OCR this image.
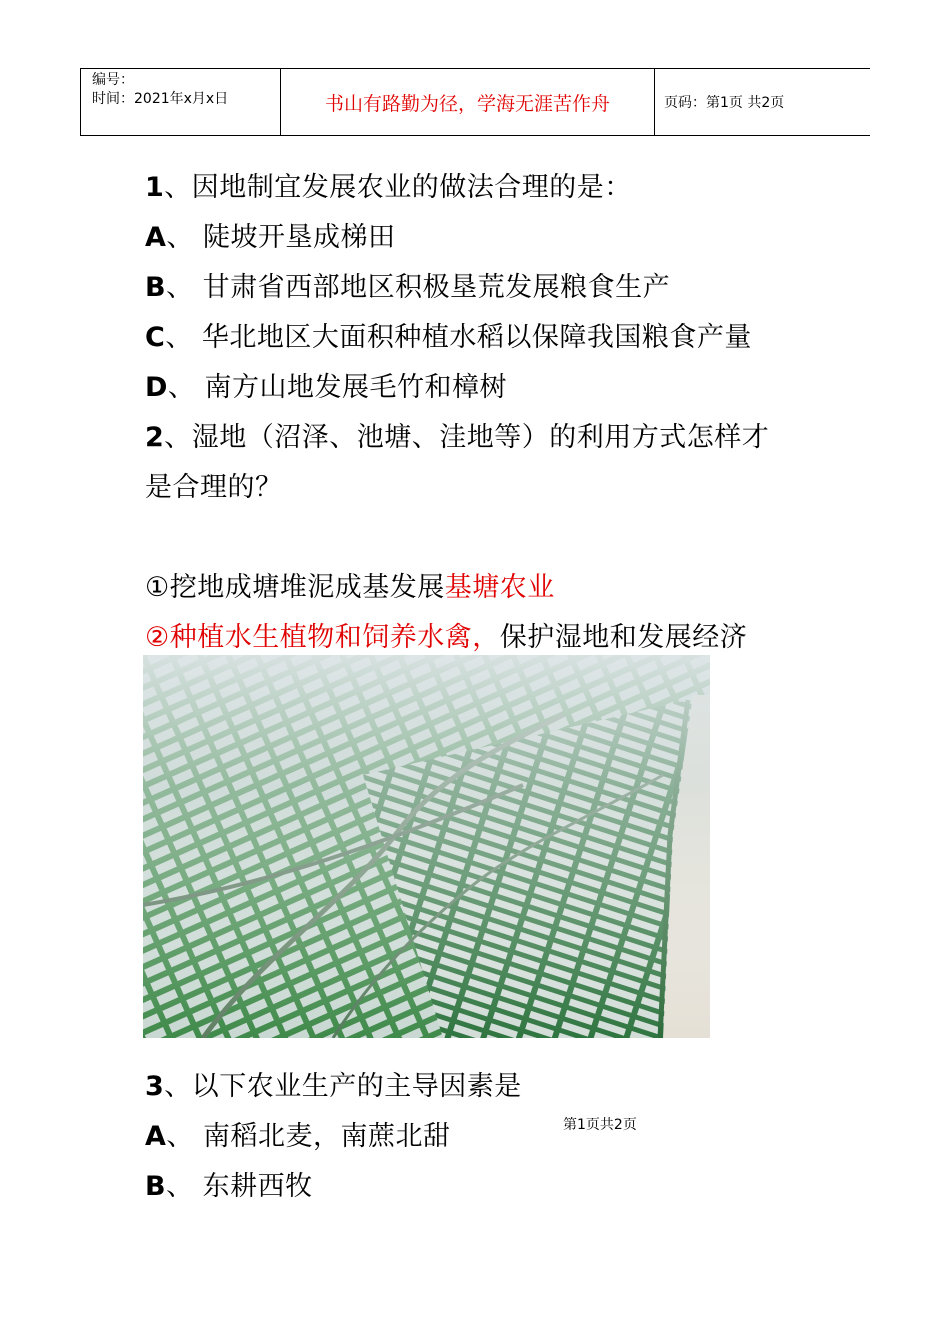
编号：
时间：2021年x月x日	书山有路勤为径，学海无涯苦作舟	页码：第1页 共2页
1、因地制宜发展农业的做法合理的是：
A、 陡坡开垦成梯田
B、 甘肃省西部地区积极垦荒发展粮食生产
C、 华北地区大面积种植水稻以保障我国粮食产量
D、 南方山地发展毛竹和樟树
2、湿地（沼泽、池塘、洼地等）的利用方式怎样才
是合理的？
①挖地成塘堆泥成基发展基塘农业
②种植水生植物和饲养水禽，保护湿地和发展经济
3、以下农业生产的主导因素是
A、 南稻北麦，南蔗北甜
B、 东耕西牧
第1页共2页
